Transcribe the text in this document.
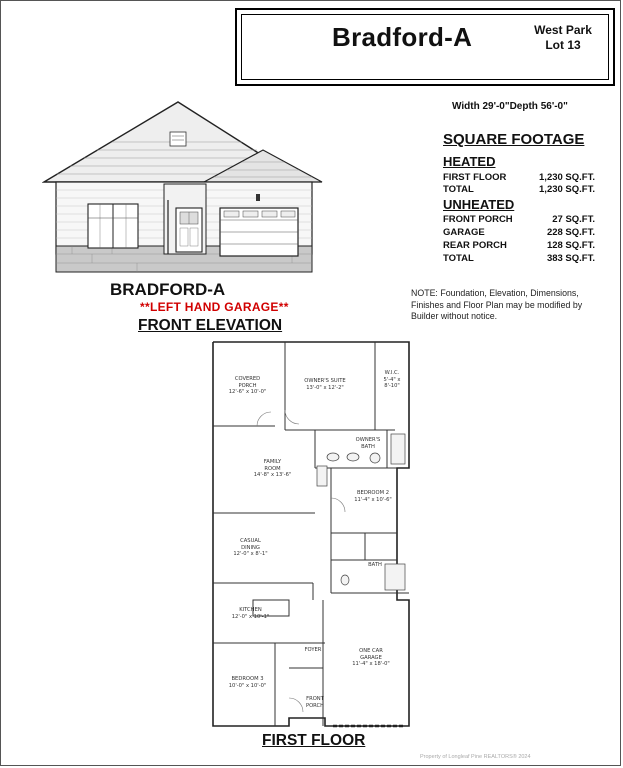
Bradford-A	West Park
Lot 13
Width 29'-0"Depth 56'-0"
SQUARE FOOTAGE
HEATED
FIRST FLOOR	1,230 SQ.FT.
TOTAL	1,230 SQ.FT.
UNHEATED
FRONT PORCH	27 SQ.FT.
GARAGE	228 SQ.FT.
REAR PORCH	128 SQ.FT.
TOTAL	383 SQ.FT.
NOTE: Foundation, Elevation, Dimensions, Finishes and Floor Plan may be modified by Builder without notice.
BRADFORD-A
**LEFT HAND GARAGE**
FRONT ELEVATION
COVERED PORCH
12'-6" x 10'-0"
OWNER'S SUITE
13'-0" x 12'-2"
W.I.C.
5'-4" x 8'-10"
OWNER'S BATH
FAMILY
ROOM
14'-8" x 13'-6"
BEDROOM 2
11'-4" x 10'-6"
CASUAL
DINING
12'-0" x 8'-1"
BATH
KITCHEN
12'-0" x 10'-1"
BEDROOM 3
10'-0" x 10'-0"
FOYER
FRONT
PORCH
ONE CAR
GARAGE
11'-4" x 18'-0"
FIRST FLOOR
Property of Longleaf Pine REALTORS® 2024
